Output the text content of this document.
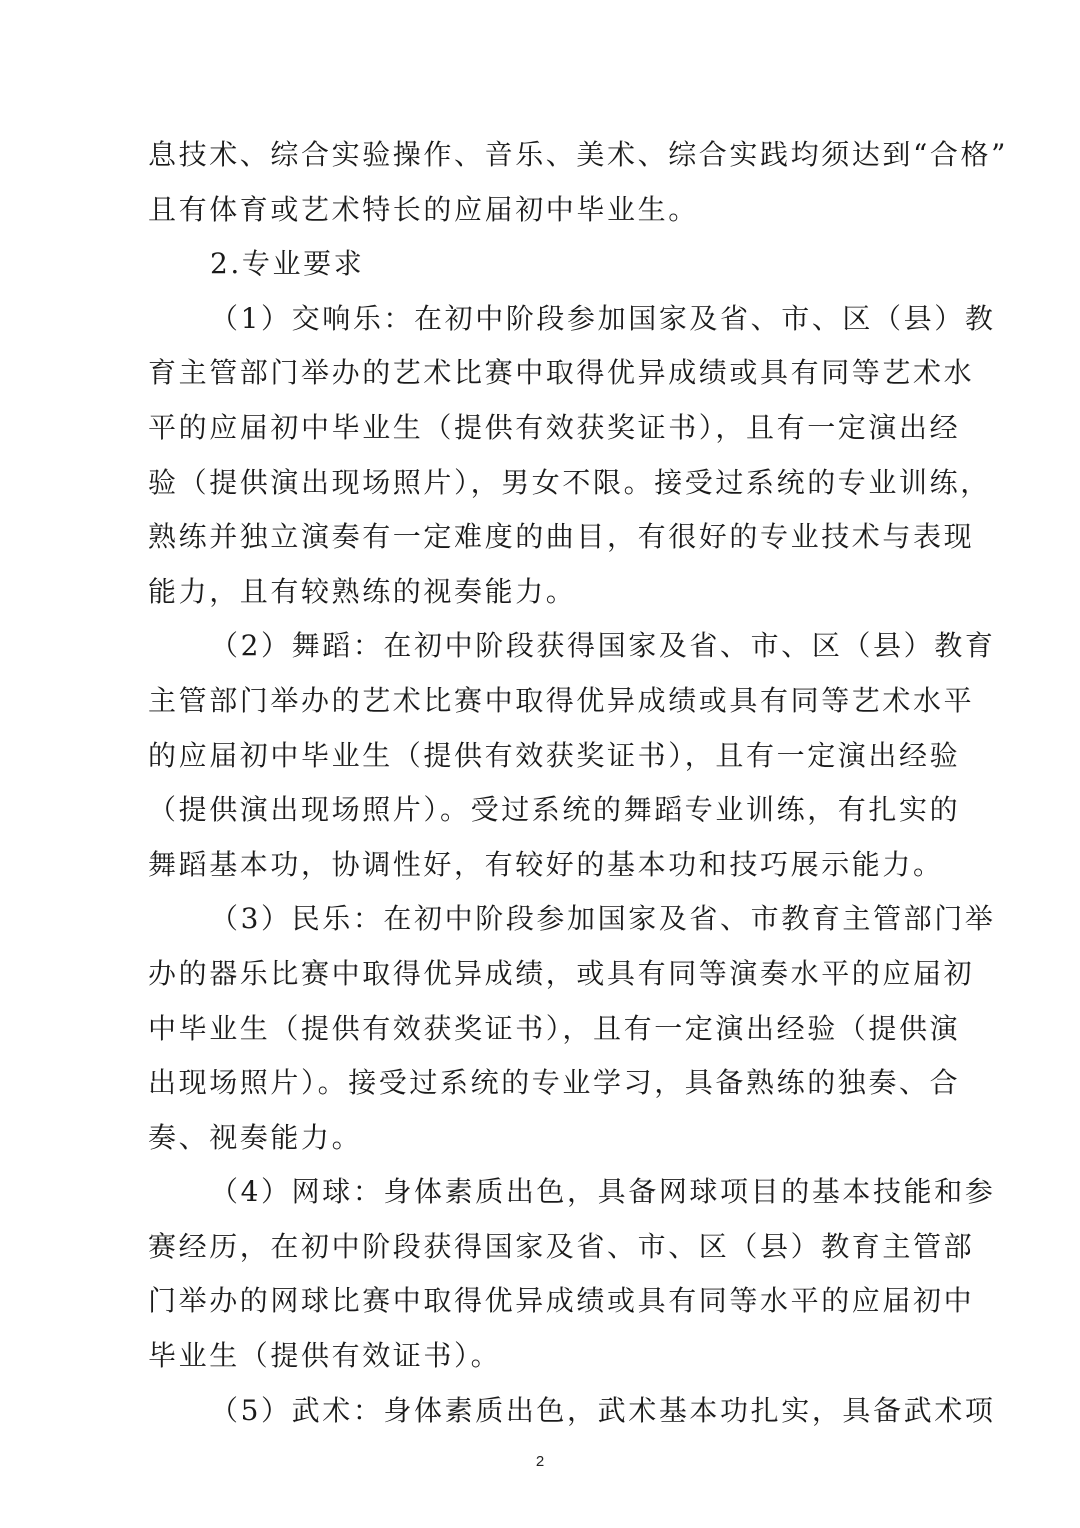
息技术、综合实验操作、音乐、美术、综合实践均须达到“合格”
且有体育或艺术特长的应届初中毕业生。
2.专业要求
（1）交响乐：在初中阶段参加国家及省、市、区（县）教
育主管部门举办的艺术比赛中取得优异成绩或具有同等艺术水
平的应届初中毕业生（提供有效获奖证书），且有一定演出经
验（提供演出现场照片），男女不限。接受过系统的专业训练，
熟练并独立演奏有一定难度的曲目，有很好的专业技术与表现
能力，且有较熟练的视奏能力。
（2）舞蹈：在初中阶段获得国家及省、市、区（县）教育
主管部门举办的艺术比赛中取得优异成绩或具有同等艺术水平
的应届初中毕业生（提供有效获奖证书），且有一定演出经验
（提供演出现场照片）。受过系统的舞蹈专业训练，有扎实的
舞蹈基本功，协调性好，有较好的基本功和技巧展示能力。
（3）民乐：在初中阶段参加国家及省、市教育主管部门举
办的器乐比赛中取得优异成绩，或具有同等演奏水平的应届初
中毕业生（提供有效获奖证书），且有一定演出经验（提供演
出现场照片）。接受过系统的专业学习，具备熟练的独奏、合
奏、视奏能力。
（4）网球：身体素质出色，具备网球项目的基本技能和参
赛经历，在初中阶段获得国家及省、市、区（县）教育主管部
门举办的网球比赛中取得优异成绩或具有同等水平的应届初中
毕业生（提供有效证书）。
（5）武术：身体素质出色，武术基本功扎实，具备武术项
2
